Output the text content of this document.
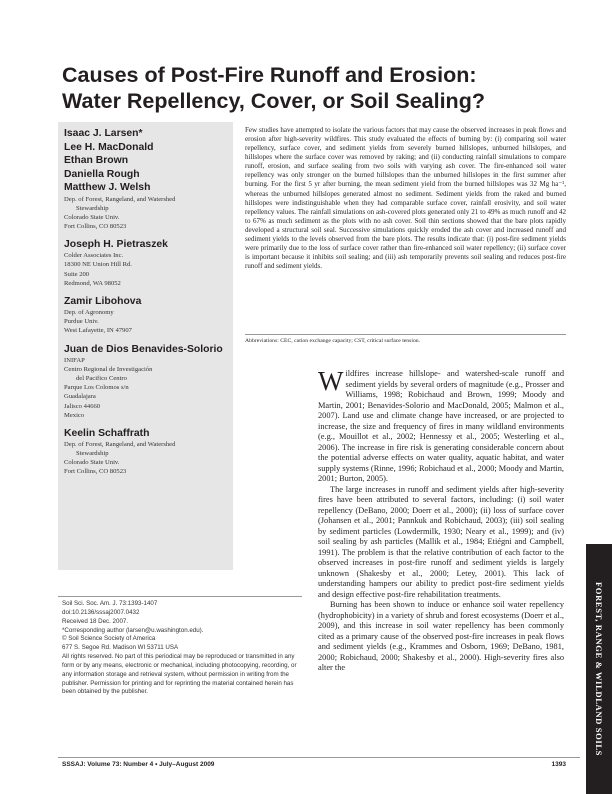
Causes of Post-Fire Runoff and Erosion: Water Repellency, Cover, or Soil Sealing?
Isaac J. Larsen*
Lee H. MacDonald
Ethan Brown
Daniella Rough
Matthew J. Welsh
Dep. of Forest, Rangeland, and Watershed
Stewardship
Colorado State Univ.
Fort Collins, CO 80523
Joseph H. Pietraszek
Colder Associates Inc.
18300 NE Union Hill Rd.
Suite 200
Redmond, WA 98052
Zamir Libohova
Dep. of Agronomy
Purdue Univ.
West Lafayette, IN 47907
Juan de Dios Benavides-Solorio
INIFAP
Centro Regional de Investigación
del Pacifico Centro
Parque Los Colomos s/n
Guadalajara
Jalisco 44660
Mexico
Keelin Schaffrath
Dep. of Forest, Rangeland, and Watershed
Stewardship
Colorado State Univ.
Fort Collins, CO 80523

Few studies have attempted to isolate the various factors that may cause the observed increases in peak flows and erosion after high-severity wildfires. This study evaluated the effects of burning by: (i) comparing soil water repellency, surface cover, and sediment yields from severely burned hillslopes, unburned hillslopes, and hillslopes where the surface cover was removed by raking; and (ii) conducting rainfall simulations to compare runoff, erosion, and surface sealing from two soils with varying ash cover. The fire-enhanced soil water repellency was only stronger on the burned hillslopes than the unburned hillslopes in the first summer after burning. For the first 5 yr after burning, the mean sediment yield from the burned hillslopes was 32 Mg ha⁻¹, whereas the unburned hillslopes generated almost no sediment. Sediment yields from the raked and burned hillslopes were indistinguishable when they had comparable surface cover, rainfall erosivity, and soil water repellency values. The rainfall simulations on ash-covered plots generated only 21 to 49% as much runoff and 42 to 67% as much sediment as the plots with no ash cover. Soil thin sections showed that the bare plots rapidly developed a structural soil seal. Successive simulations quickly eroded the ash cover and increased runoff and sediment yields to the levels observed from the bare plots. The results indicate that: (i) post-fire sediment yields were primarily due to the loss of surface cover rather than fire-enhanced soil water repellency; (ii) surface cover is important because it inhibits soil sealing; and (iii) ash temporarily prevents soil sealing and reduces post-fire runoff and sediment yields.

Abbreviations: CEC, cation exchange capacity; CST, critical surface tension.

Wildfires increase hillslope- and watershed-scale runoff and sediment yields by several orders of magnitude (e.g., Prosser and Williams, 1998; Robichaud and Brown, 1999; Moody and Martin, 2001; Benavides-Solorio and MacDonald, 2005; Malmon et al., 2007). Land use and climate change have increased, or are projected to increase, the size and frequency of fires in many wildland environments (e.g., Mouillot et al., 2002; Hennessy et al., 2005; Westerling et al., 2006). The increase in fire risk is generating considerable concern about the potential adverse effects on water quality, aquatic habitat, and water supply systems (Rinne, 1996; Robichaud et al., 2000; Moody and Martin, 2001; Burton, 2005).

The large increases in runoff and sediment yields after high-severity fires have been attributed to several factors, including: (i) soil water repellency (DeBano, 2000; Doerr et al., 2000); (ii) loss of surface cover (Johansen et al., 2001; Pannkuk and Robichaud, 2003); (iii) soil sealing by sediment particles (Lowdermilk, 1930; Neary et al., 1999); and (iv) soil sealing by ash particles (Mallik et al., 1984; Etiégni and Campbell, 1991). The problem is that the relative contribution of each factor to the observed increases in post-fire runoff and sediment yields is largely unknown (Shakesby et al., 2000; Letey, 2001). This lack of understanding hampers our ability to predict post-fire sediment yields and design effective post-fire rehabilitation treatments.

Burning has been shown to induce or enhance soil water repellency (hydrophobicity) in a variety of shrub and forest ecosystems (Doerr et al., 2009), and this increase in soil water repellency has been commonly cited as a primary cause of the observed post-fire increases in peak flows and sediment yields (e.g., Krammes and Osborn, 1969; DeBano, 1981, 2000; Robichaud, 2000; Shakesby et al., 2000). High-severity fires also alter the	FOREST, RANGE & WILDLAND SOILS
Soil Sci. Soc. Am. J. 73:1393-1407
doi:10.2136/sssaj2007.0432
Received 18 Dec. 2007.
*Corresponding author (larsen@u.washington.edu).
© Soil Science Society of America
677 S. Segoe Rd. Madison WI 53711 USA
All rights reserved. No part of this periodical may be reproduced or transmitted in any form or by any means, electronic or mechanical, including photocopying, recording, or any information storage and retrieval system, without permission in writing from the publisher. Permission for printing and for reprinting the material contained herein has been obtained by the publisher.
SSSAJ: Volume 73: Number 4 • July–August 2009	1393
